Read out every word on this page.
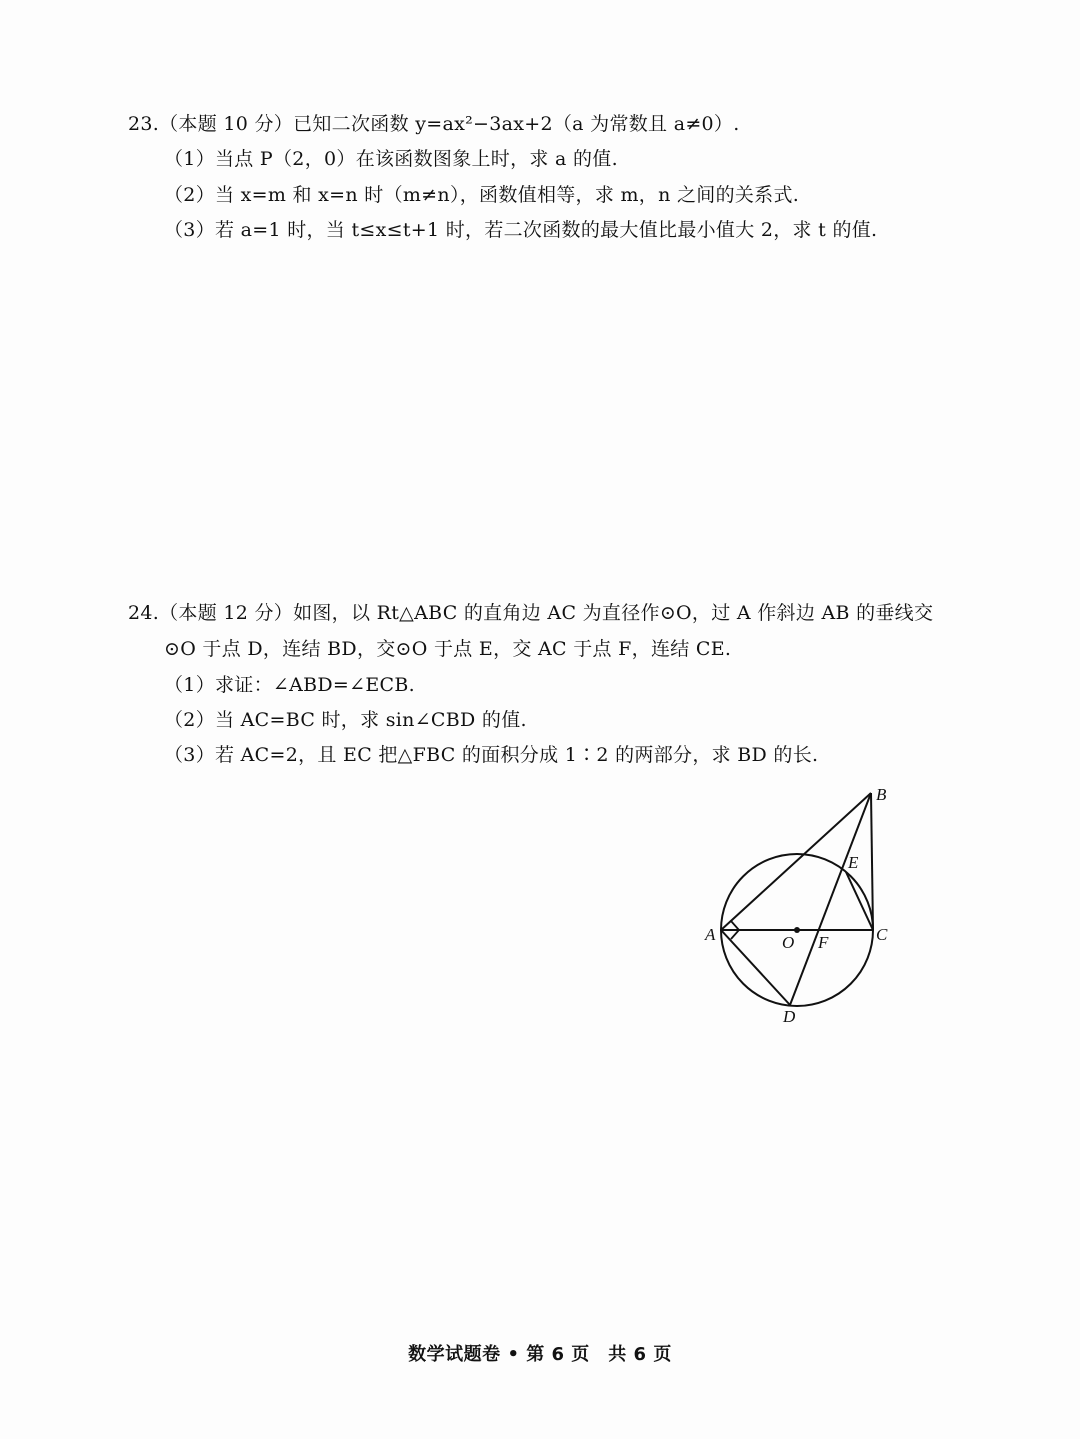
23.（本题 10 分）已知二次函数 y=ax²−3ax+2（a 为常数且 a≠0）.
（1）当点 P（2，0）在该函数图象上时，求 a 的值.
（2）当 x=m 和 x=n 时（m≠n），函数值相等，求 m，n 之间的关系式.
（3）若 a=1 时，当 t≤x≤t+1 时，若二次函数的最大值比最小值大 2，求 t 的值.
24.（本题 12 分）如图，以 Rt△ABC 的直角边 AC 为直径作⊙O，过 A 作斜边 AB 的垂线交
⊙O 于点 D，连结 BD，交⊙O 于点 E，交 AC 于点 F，连结 CE.
（1）求证：∠ABD=∠ECB.
（2）当 AC=BC 时，求 sin∠CBD 的值.
（3）若 AC=2，且 EC 把△FBC 的面积分成 1∶2 的两部分，求 BD 的长.
B
E
A	O F	C
D
数学试题卷 • 第 6 页　共 6 页
